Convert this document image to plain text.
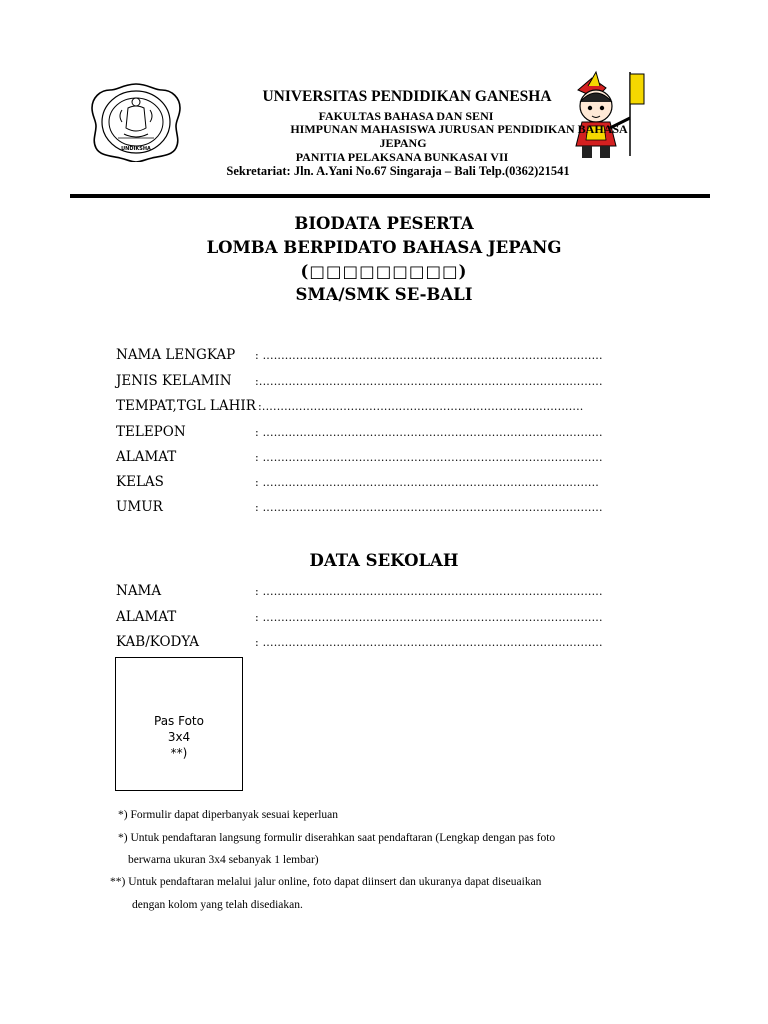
UNDIKSHA
UNIVERSITAS PENDIDIKAN GANESHA
FAKULTAS BAHASA DAN SENI
HIMPUNAN MAHASISWA JURUSAN PENDIDIKAN BAHASA
JEPANG
PANITIA PELAKSANA BUNKASAI VII
Sekretariat: Jln. A.Yani No.67 Singaraja – Bali Telp.(0362)21541
BIODATA PESERTA
LOMBA BERPIDATO BAHASA JEPANG
(□□□□□□□□□)
SMA/SMK SE-BALI
NAMA LENGKAP : ............................................................................................
JENIS KELAMIN :.............................................................................................
TEMPAT,TGL LAHIR :.......................................................................................
TELEPON	: ............................................................................................
ALAMAT	: ............................................................................................
KELAS	: ...........................................................................................
UMUR	: ............................................................................................
DATA SEKOLAH
NAMA	: ............................................................................................
ALAMAT	: ............................................................................................
KAB/KODYA	: ............................................................................................
Pas Foto
3x4
**)
*) Formulir dapat diperbanyak sesuai keperluan
*) Untuk pendaftaran langsung formulir diserahkan saat pendaftaran (Lengkap dengan pas foto
berwarna ukuran 3x4 sebanyak 1 lembar)
**) Untuk pendaftaran melalui jalur online, foto dapat diinsert dan ukuranya dapat diseuaikan
dengan kolom yang telah disediakan.
